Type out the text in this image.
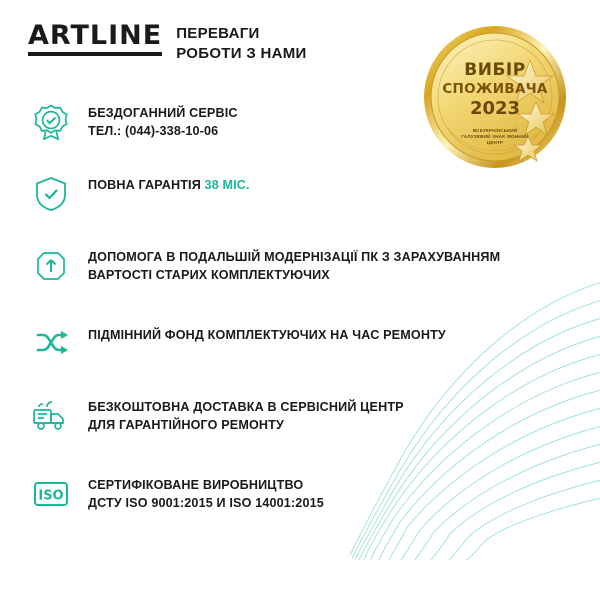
ARTLINE ПЕРЕВАГИ
РОБОТИ З НАМИ
ВИБІР
СПОЖИВАЧА
2023
ВСЕУКРАЇНСЬКИЙ
ГАЛУЗЕВИЙ ЗНАК ЯКІННИЙ
ЦЕНТР
БЕЗДОГАННИЙ СЕРВІС
ТЕЛ.: (044)-338-10-06
ПОВНА ГАРАНТІЯ 38 МІС.
ДОПОМОГА В ПОДАЛЬШІЙ МОДЕРНІЗАЦІЇ ПК З ЗАРАХУВАННЯМ
ВАРТОСТІ СТАРИХ КОМПЛЕКТУЮЧИХ
ПІДМІННИЙ ФОНД КОМПЛЕКТУЮЧИХ НА ЧАС РЕМОНТУ
БЕЗКОШТОВНА ДОСТАВКА В СЕРВІСНИЙ ЦЕНТР
ДЛЯ ГАРАНТІЙНОГО РЕМОНТУ
ISO
СЕРТИФІКОВАНЕ ВИРОБНИЦТВО
ДСТУ ISO 9001:2015 И ISO 14001:2015
